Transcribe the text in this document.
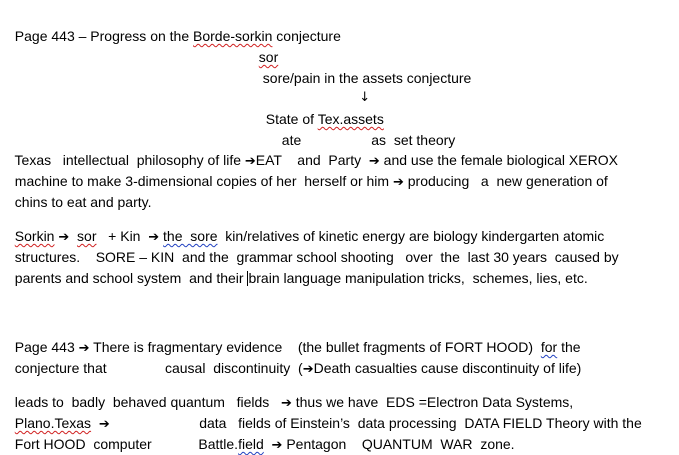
Page 443 – Progress on the Borde-sorkin conjecture

sor

sore/pain in the assets conjecture

↓

State of Tex.assets

ate                  as  set theory

Texas   intellectual  philosophy of life ➔EAT    and  Party  ➔ and use the female biological XEROX

machine to make 3-dimensional copies of her  herself or him ➔ producing   a  new generation of

chins to eat and party.

Sorkin ➔ sor   + Kin  ➔ the  sore  kin/relatives of kinetic energy are biology kindergarten atomic

structures.    SORE – KIN  and the  grammar school shooting   over  the  last 30 years  caused by

parents and school system  and their brain language manipulation tricks,  schemes, lies, etc.

Page 443 ➔ There is fragmentary evidence    (the bullet fragments of FORT HOOD)  for the

conjecture that               causal  discontinuity  (➔Death casualties cause discontinuity of life)

leads to  badly  behaved quantum   fields   ➔ thus we have  EDS =Electron Data Systems,

Plano.Texas ➔                       data   fields of Einstein’s  data processing  DATA FIELD Theory with the

Fort HOOD  computer            Battle.field ➔ Pentagon    QUANTUM  WAR  zone.
